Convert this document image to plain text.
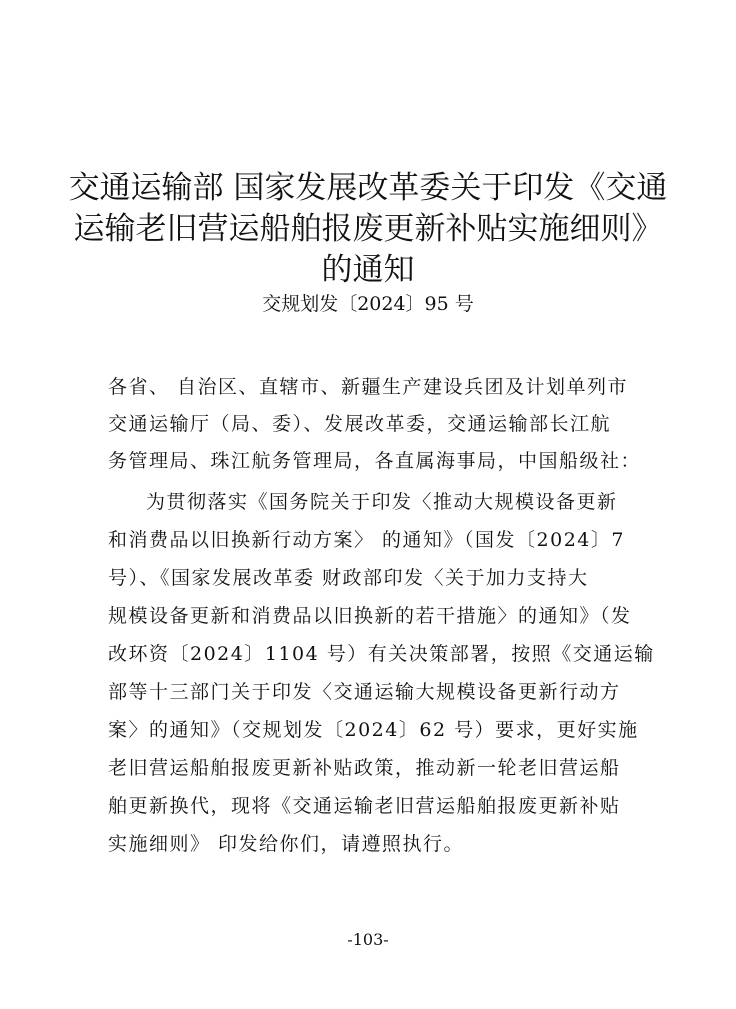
交通运输部 国家发展改革委关于印发《交通
运输老旧营运船舶报废更新补贴实施细则》
的通知
交规划发〔2024〕95 号
各省、 自治区、直辖市、新疆生产建设兵团及计划单列市
交通运输厅（局、委）、发展改革委，交通运输部长江航
务管理局、珠江航务管理局，各直属海事局，中国船级社：
为贯彻落实《国务院关于印发〈推动大规模设备更新
和消费品以旧换新行动方案〉 的通知》（国发〔2024〕7
号）、《国家发展改革委 财政部印发〈关于加力支持大
规模设备更新和消费品以旧换新的若干措施〉的通知》（发
改环资〔2024〕1104 号）有关决策部署，按照《交通运输
部等十三部门关于印发〈交通运输大规模设备更新行动方
案〉的通知》（交规划发〔2024〕62 号）要求，更好实施
老旧营运船舶报废更新补贴政策，推动新一轮老旧营运船
舶更新换代，现将《交通运输老旧营运船舶报废更新补贴
实施细则》 印发给你们，请遵照执行。
-103-
